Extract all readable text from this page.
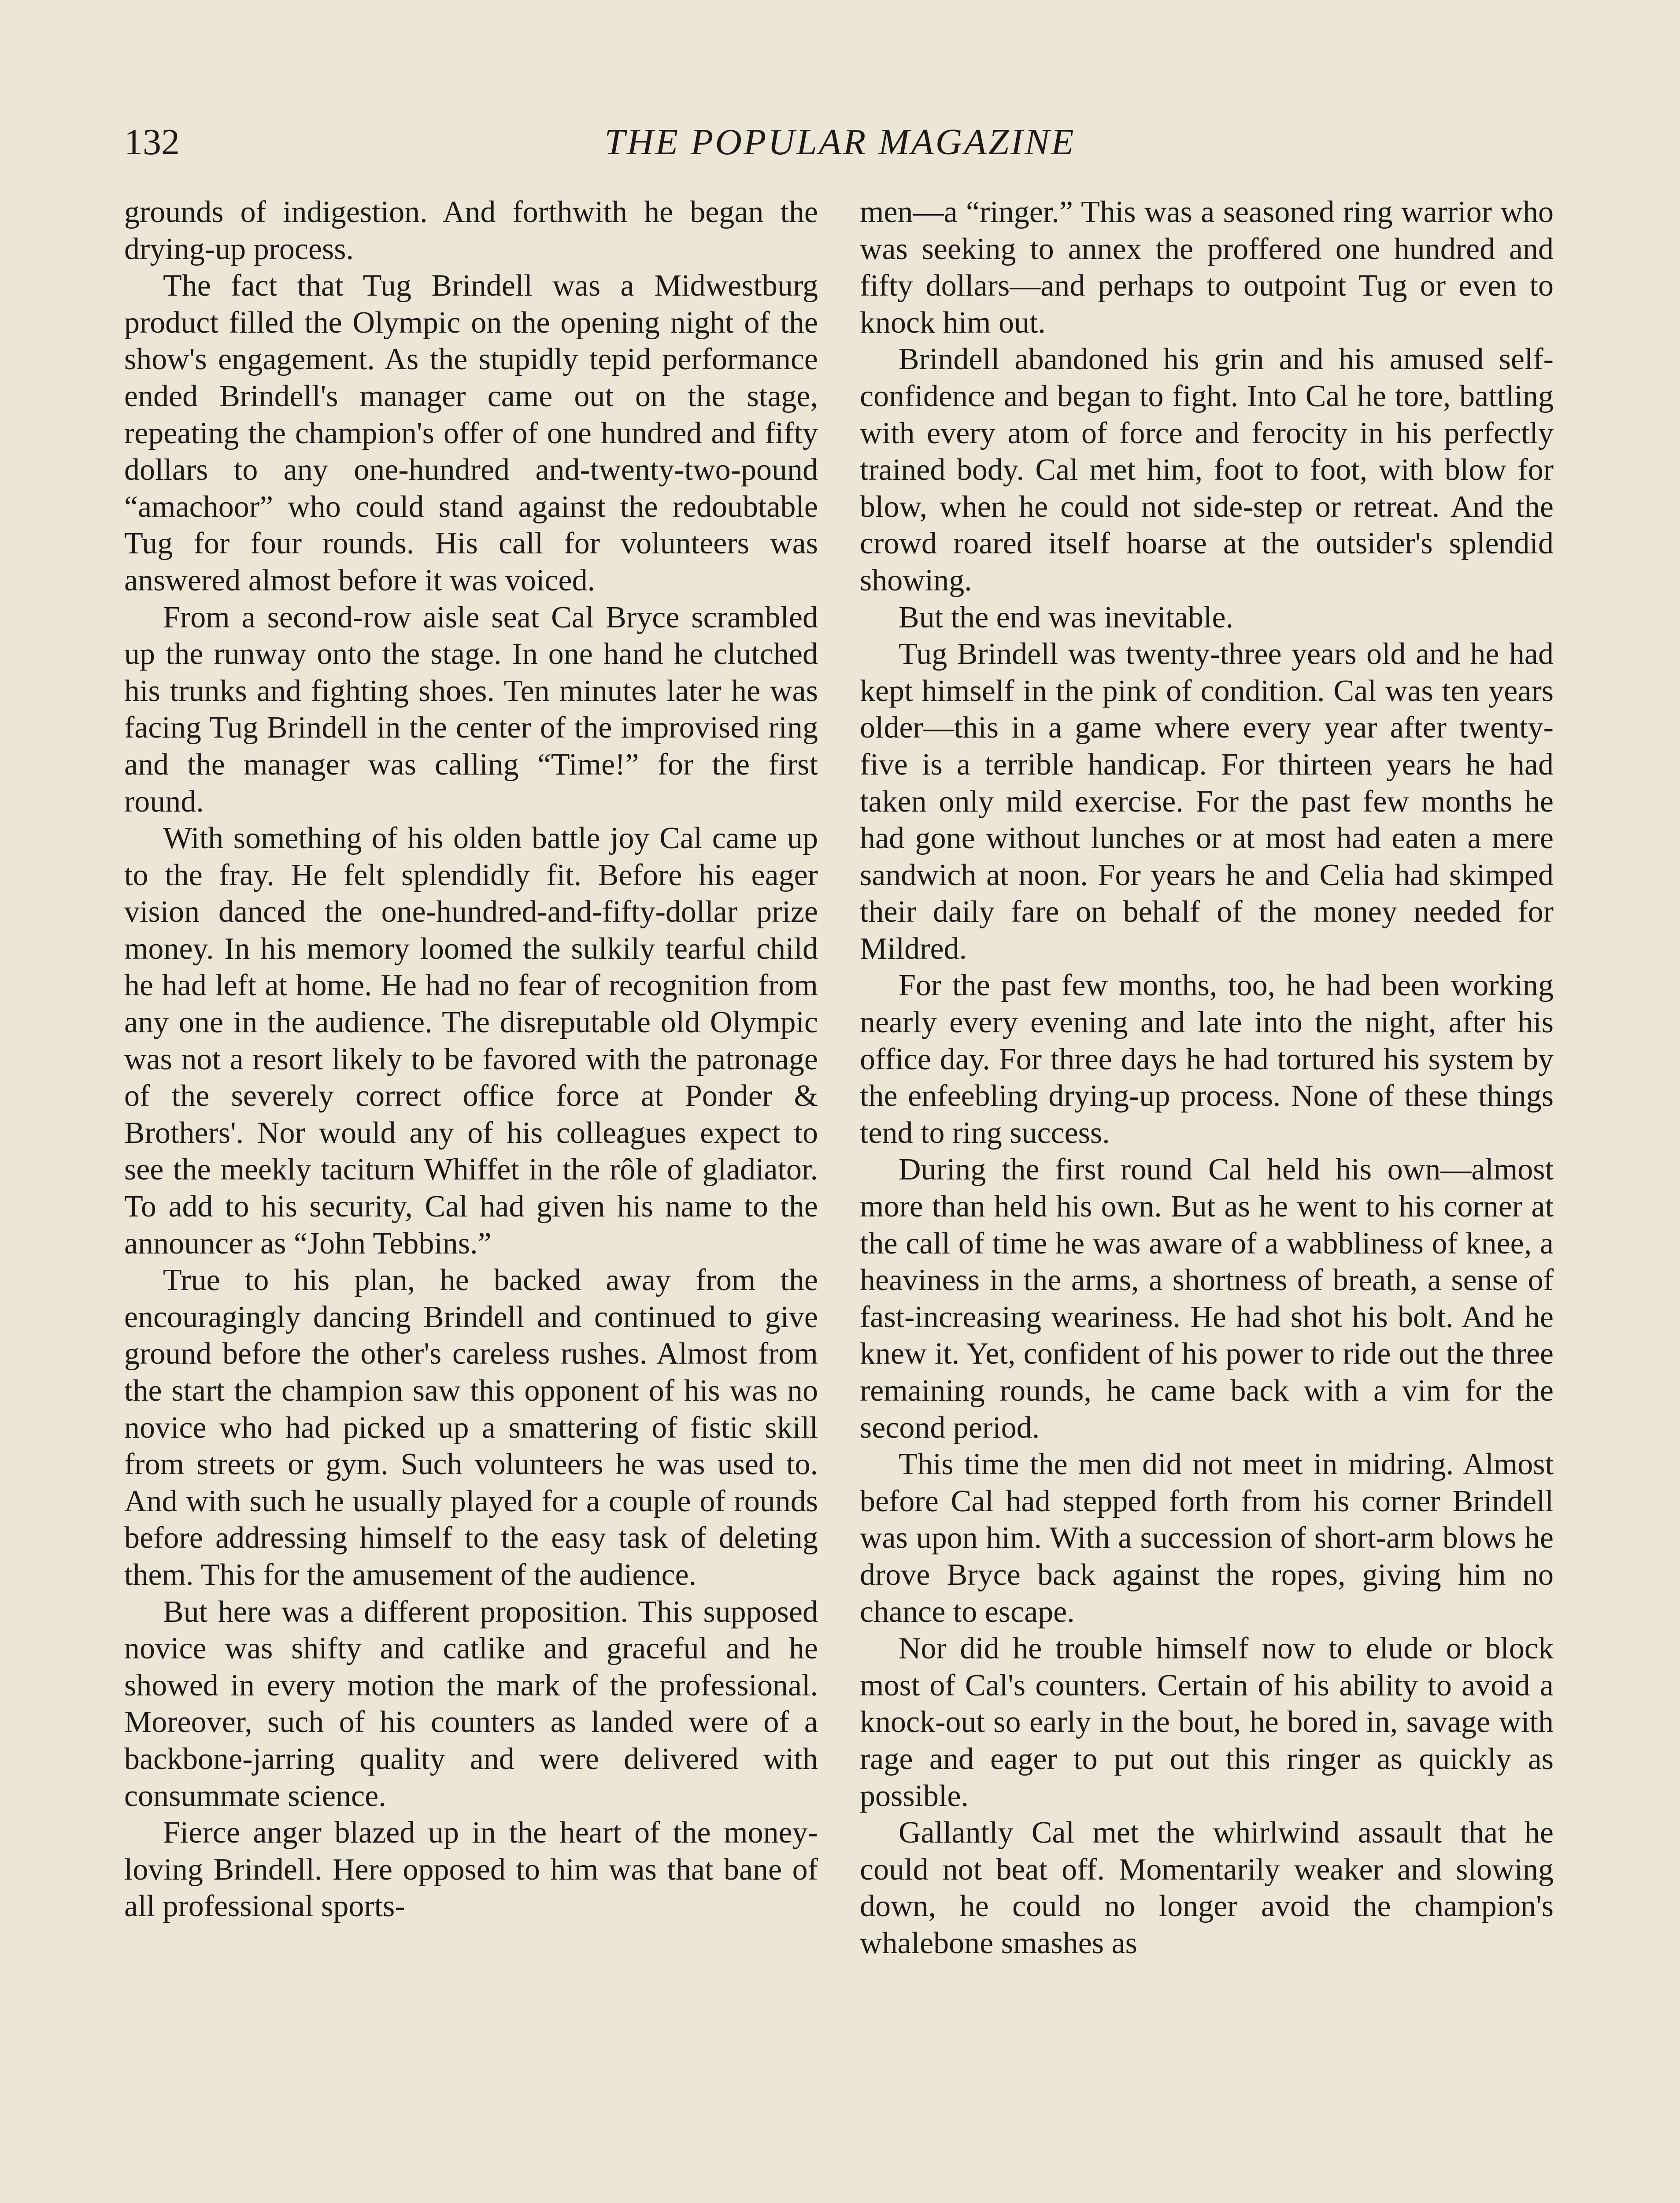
132	THE POPULAR MAGAZINE

grounds of indigestion. And forthwith he began the drying-up process.

The fact that Tug Brindell was a Midwestburg product filled the Olympic on the opening night of the show's engagement. As the stupidly tepid performance ended Brindell's manager came out on the stage, repeating the champion's offer of one hundred and fifty dollars to any one-hundred and-twenty-two-pound “amachoor” who could stand against the redoubtable Tug for four rounds. His call for volunteers was answered almost before it was voiced.

From a second-row aisle seat Cal Bryce scrambled up the runway onto the stage. In one hand he clutched his trunks and fighting shoes. Ten minutes later he was facing Tug Brindell in the center of the improvised ring and the manager was calling “Time!” for the first round.

With something of his olden battle joy Cal came up to the fray. He felt splendidly fit. Before his eager vision danced the one-hundred-and-fifty-dollar prize money. In his memory loomed the sulkily tearful child he had left at home. He had no fear of recognition from any one in the audience. The disreputable old Olympic was not a resort likely to be favored with the patronage of the severely correct office force at Ponder & Brothers'. Nor would any of his colleagues expect to see the meekly taciturn Whiffet in the rôle of gladiator. To add to his security, Cal had given his name to the announcer as “John Tebbins.”

True to his plan, he backed away from the encouragingly dancing Brindell and continued to give ground before the other's careless rushes. Almost from the start the champion saw this opponent of his was no novice who had picked up a smattering of fistic skill from streets or gym. Such volunteers he was used to. And with such he usually played for a couple of rounds before addressing himself to the easy task of deleting them. This for the amusement of the audience.

But here was a different proposition. This supposed novice was shifty and catlike and graceful and he showed in every motion the mark of the professional. Moreover, such of his counters as landed were of a backbone-jarring quality and were delivered with consummate science.

Fierce anger blazed up in the heart of the money-loving Brindell. Here opposed to him was that bane of all professional sports-

men—a “ringer.” This was a seasoned ring warrior who was seeking to annex the proffered one hundred and fifty dollars—and perhaps to outpoint Tug or even to knock him out.

Brindell abandoned his grin and his amused self-confidence and began to fight. Into Cal he tore, battling with every atom of force and ferocity in his perfectly trained body. Cal met him, foot to foot, with blow for blow, when he could not side-step or retreat. And the crowd roared itself hoarse at the outsider's splendid showing.

But the end was inevitable.

Tug Brindell was twenty-three years old and he had kept himself in the pink of condition. Cal was ten years older—this in a game where every year after twenty-five is a terrible handicap. For thirteen years he had taken only mild exercise. For the past few months he had gone without lunches or at most had eaten a mere sandwich at noon. For years he and Celia had skimped their daily fare on behalf of the money needed for Mildred.

For the past few months, too, he had been working nearly every evening and late into the night, after his office day. For three days he had tortured his system by the enfeebling drying-up process. None of these things tend to ring success.

During the first round Cal held his own—almost more than held his own. But as he went to his corner at the call of time he was aware of a wabbliness of knee, a heaviness in the arms, a shortness of breath, a sense of fast-increasing weariness. He had shot his bolt. And he knew it. Yet, confident of his power to ride out the three remaining rounds, he came back with a vim for the second period.

This time the men did not meet in midring. Almost before Cal had stepped forth from his corner Brindell was upon him. With a succession of short-arm blows he drove Bryce back against the ropes, giving him no chance to escape.

Nor did he trouble himself now to elude or block most of Cal's counters. Certain of his ability to avoid a knock-out so early in the bout, he bored in, savage with rage and eager to put out this ringer as quickly as possible.

Gallantly Cal met the whirlwind assault that he could not beat off. Momentarily weaker and slowing down, he could no longer avoid the champion's whalebone smashes as
